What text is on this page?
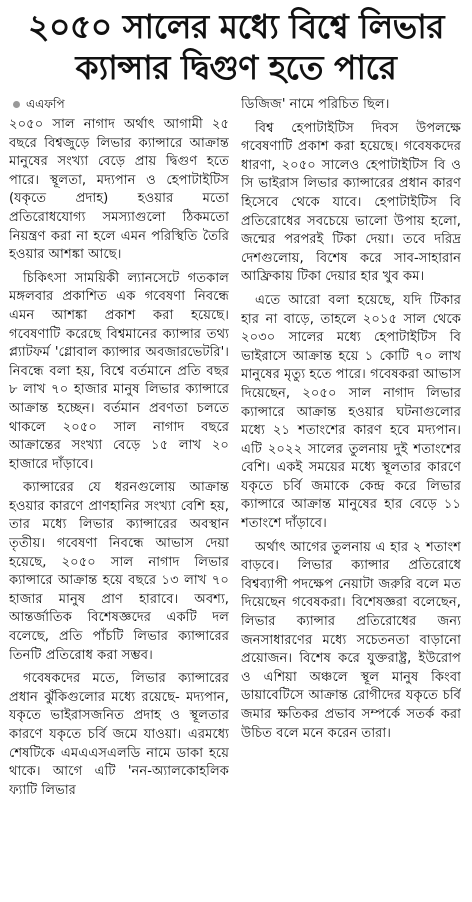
২০৫০ সালের মধ্যে বিশ্বে লিভার
ক্যান্সার দ্বিগুণ হতে পারে
এএফপি

২০৫০ সাল নাগাদ অর্থাৎ আগামী ২৫ বছরে বিশ্বজুড়ে লিভার ক্যান্সারে আক্রান্ত মানুষের সংখ্যা বেড়ে প্রায় দ্বিগুণ হতে পারে। স্থূলতা, মদ্যপান ও হেপাটাইটিস (যকৃতে প্রদাহ) হওয়ার মতো প্রতিরোধযোগ্য সমস্যাগুলো ঠিকমতো নিয়ন্ত্রণ করা না হলে এমন পরিস্থিতি তৈরি হওয়ার আশঙ্কা আছে।

চিকিৎসা সাময়িকী ল্যানসেটে গতকাল মঙ্গলবার প্রকাশিত এক গবেষণা নিবন্ধে এমন আশঙ্কা প্রকাশ করা হয়েছে। গবেষণাটি করেছে বিশ্বমানের ক্যান্সার তথ্য প্ল্যাটফর্ম 'গ্লোবাল ক্যান্সার অবজারভেটরি'। নিবন্ধে বলা হয়, বিশ্বে বর্তমানে প্রতি বছর ৮ লাখ ৭০ হাজার মানুষ লিভার ক্যান্সারে আক্রান্ত হচ্ছেন। বর্তমান প্রবণতা চলতে থাকলে ২০৫০ সাল নাগাদ বছরে আক্রান্তের সংখ্যা বেড়ে ১৫ লাখ ২০ হাজারে দাঁড়াবে।

ক্যান্সারের যে ধরনগুলোয় আক্রান্ত হওয়ার কারণে প্রাণহানির সংখ্যা বেশি হয়, তার মধ্যে লিভার ক্যান্সারের অবস্থান তৃতীয়। গবেষণা নিবন্ধে আভাস দেয়া হয়েছে, ২০৫০ সাল নাগাদ লিভার ক্যান্সারে আক্রান্ত হয়ে বছরে ১৩ লাখ ৭০ হাজার মানুষ প্রাণ হারাবে। অবশ্য, আন্তর্জাতিক বিশেষজ্ঞদের একটি দল বলেছে, প্রতি পাঁচটি লিভার ক্যান্সারের তিনটি প্রতিরোধ করা সম্ভব।

গবেষকদের মতে, লিভার ক্যান্সারের প্রধান ঝুঁকিগুলোর মধ্যে রয়েছে- মদ্যপান, যকৃতে ভাইরাসজনিত প্রদাহ ও স্থূলতার কারণে যকৃতে চর্বি জমে যাওয়া। এরমধ্যে শেষটিকে এমএএসএলডি নামে ডাকা হয়ে থাকে। আগে এটি 'নন-অ্যালকোহলিক ফ্যাটি লিভার

ডিজিজ' নামে পরিচিত ছিল।

বিশ্ব হেপাটাইটিস দিবস উপলক্ষে গবেষণাটি প্রকাশ করা হয়েছে। গবেষকদের ধারণা, ২০৫০ সালেও হেপাটাইটিস বি ও সি ভাইরাস লিভার ক্যান্সারের প্রধান কারণ হিসেবে থেকে যাবে। হেপাটাইটিস বি প্রতিরোধের সবচেয়ে ভালো উপায় হলো, জন্মের পরপরই টিকা দেয়া। তবে দরিদ্র দেশগুলোয়, বিশেষ করে সাব-সাহারান আফ্রিকায় টিকা দেয়ার হার খুব কম।

এতে আরো বলা হয়েছে, যদি টিকার হার না বাড়ে, তাহলে ২০১৫ সাল থেকে ২০৩০ সালের মধ্যে হেপাটাইটিস বি ভাইরাসে আক্রান্ত হয়ে ১ কোটি ৭০ লাখ মানুষের মৃত্যু হতে পারে। গবেষকরা আভাস দিয়েছেন, ২০৫০ সাল নাগাদ লিভার ক্যান্সারে আক্রান্ত হওয়ার ঘটনাগুলোর মধ্যে ২১ শতাংশের কারণ হবে মদ্যপান। এটি ২০২২ সালের তুলনায় দুই শতাংশের বেশি। একই সময়ের মধ্যে স্থূলতার কারণে যকৃতে চর্বি জমাকে কেন্দ্র করে লিভার ক্যান্সারে আক্রান্ত মানুষের হার বেড়ে ১১ শতাংশে দাঁড়াবে।

অর্থাৎ আগের তুলনায় এ হার ২ শতাংশ বাড়বে। লিভার ক্যান্সার প্রতিরোধে বিশ্বব্যাপী পদক্ষেপ নেয়াটা জরুরি বলে মত দিয়েছেন গবেষকরা। বিশেষজ্ঞরা বলেছেন, লিভার ক্যান্সার প্রতিরোধের জন্য জনসাধারণের মধ্যে সচেতনতা বাড়ানো প্রয়োজন। বিশেষ করে যুক্তরাষ্ট্র, ইউরোপ ও এশিয়া অঞ্চলে স্থূল মানুষ কিংবা ডায়াবেটিসে আক্রান্ত রোগীদের যকৃতে চর্বি জমার ক্ষতিকর প্রভাব সম্পর্কে সতর্ক করা উচিত বলে মনে করেন তারা।
